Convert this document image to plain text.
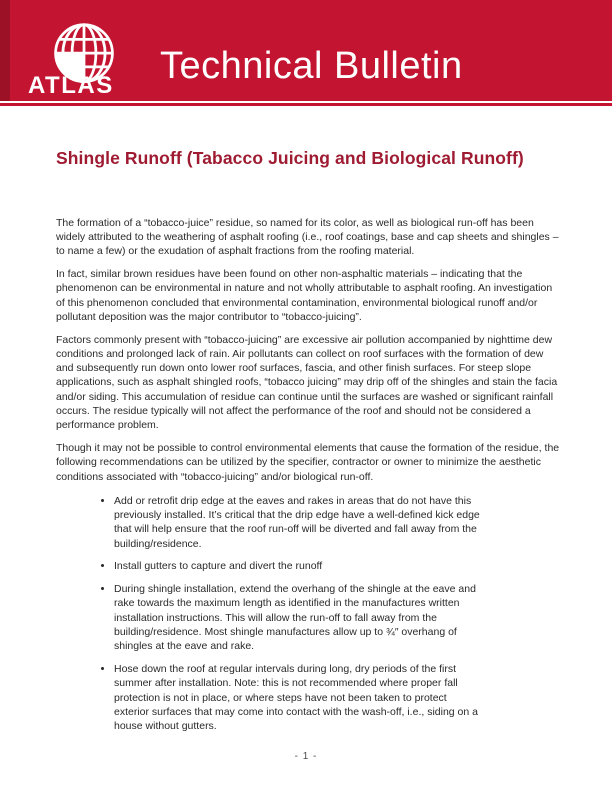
ATLAS Technical Bulletin
Shingle Runoff (Tabacco Juicing and Biological Runoff)

The formation of a “tobacco-juice” residue, so named for its color, as well as biological run-off has been widely attributed to the weathering of asphalt roofing (i.e., roof coatings, base and cap sheets and shingles – to name a few) or the exudation of asphalt fractions from the roofing material.

In fact, similar brown residues have been found on other non-asphaltic materials – indicating that the phenomenon can be environmental in nature and not wholly attributable to asphalt roofing. An investigation of this phenomenon concluded that environmental contamination, environmental biological runoff and/or pollutant deposition was the major contributor to “tobacco-juicing”.

Factors commonly present with “tobacco-juicing” are excessive air pollution accompanied by nighttime dew conditions and prolonged lack of rain. Air pollutants can collect on roof surfaces with the formation of dew and subsequently run down onto lower roof surfaces, fascia, and other finish surfaces. For steep slope applications, such as asphalt shingled roofs, “tobacco juicing” may drip off of the shingles and stain the facia and/or siding. This accumulation of residue can continue until the surfaces are washed or significant rainfall occurs. The residue typically will not affect the performance of the roof and should not be considered a performance problem.

Though it may not be possible to control environmental elements that cause the formation of the residue, the following recommendations can be utilized by the specifier, contractor or owner to minimize the aesthetic conditions associated with “tobacco-juicing” and/or biological run-off.

• Add or retrofit drip edge at the eaves and rakes in areas that do not have this previously installed. It’s critical that the drip edge have a well-defined kick edge that will help ensure that the roof run-off will be diverted and fall away from the building/residence.
• Install gutters to capture and divert the runoff
• During shingle installation, extend the overhang of the shingle at the eave and rake towards the maximum length as identified in the manufactures written installation instructions. This will allow the run-off to fall away from the building/residence. Most shingle manufactures allow up to ¾″ overhang of shingles at the eave and rake.
• Hose down the roof at regular intervals during long, dry periods of the first summer after installation. Note: this is not recommended where proper fall protection is not in place, or where steps have not been taken to protect exterior surfaces that may come into contact with the wash-off, i.e., siding on a house without gutters.
- 1 -
